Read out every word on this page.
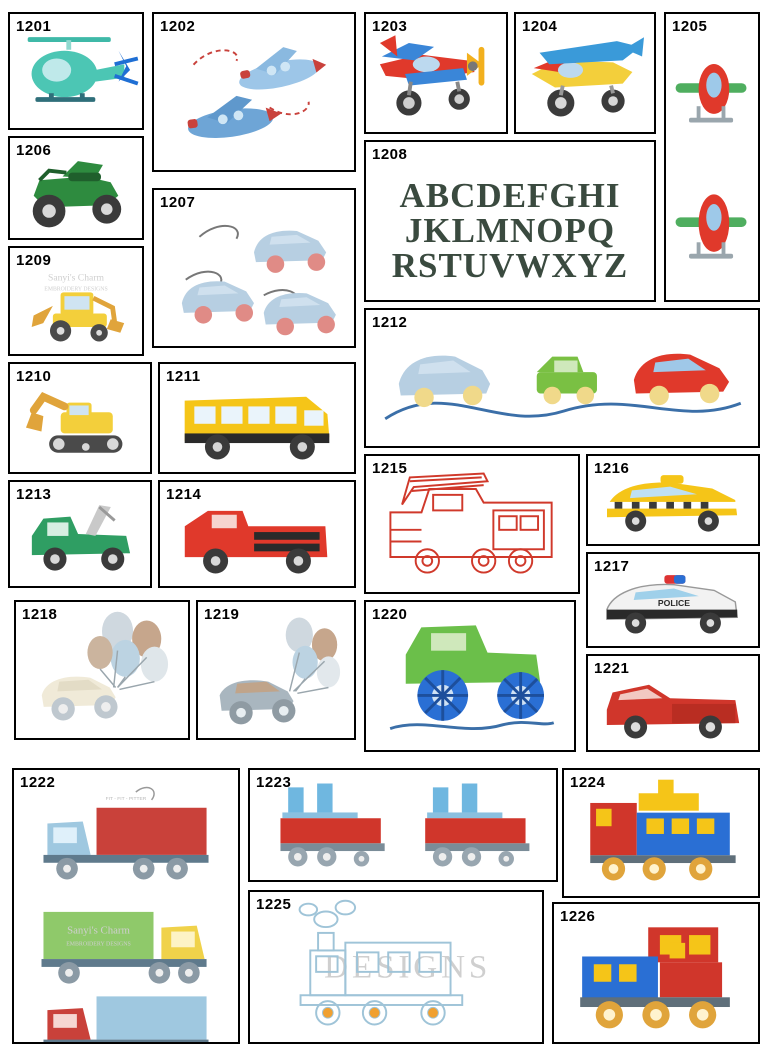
1201	1202	1203	1204	1205
1206
1207
1208
ABCDEFGHI
JKLMNOPQ
RSTUVWXYZ
1209
Sanyi's Charm
EMBROIDERY DESIGNS
1210	1211
1212
1213	1214
1215	1216
1217
POLICE
1218	1219	1220
1221
1222
FIT - FIT - PITTER
Sanyi's Charm
EMBROIDERY DESIGNS
1223	1224
1225
DESIGNS
1226
